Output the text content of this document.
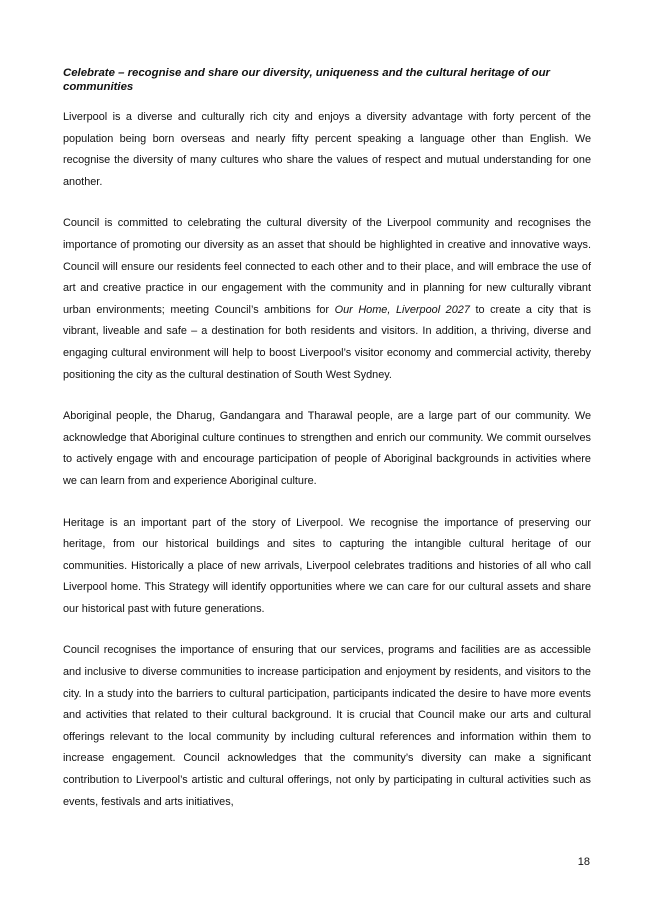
Celebrate – recognise and share our diversity, uniqueness and the cultural heritage of our communities

Liverpool is a diverse and culturally rich city and enjoys a diversity advantage with forty percent of the population being born overseas and nearly fifty percent speaking a language other than English. We recognise the diversity of many cultures who share the values of respect and mutual understanding for one another.

Council is committed to celebrating the cultural diversity of the Liverpool community and recognises the importance of promoting our diversity as an asset that should be highlighted in creative and innovative ways. Council will ensure our residents feel connected to each other and to their place, and will embrace the use of art and creative practice in our engagement with the community and in planning for new culturally vibrant urban environments; meeting Council’s ambitions for Our Home, Liverpool 2027 to create a city that is vibrant, liveable and safe – a destination for both residents and visitors. In addition, a thriving, diverse and engaging cultural environment will help to boost Liverpool’s visitor economy and commercial activity, thereby positioning the city as the cultural destination of South West Sydney.

Aboriginal people, the Dharug, Gandangara and Tharawal people, are a large part of our community. We acknowledge that Aboriginal culture continues to strengthen and enrich our community. We commit ourselves to actively engage with and encourage participation of people of Aboriginal backgrounds in activities where we can learn from and experience Aboriginal culture.

Heritage is an important part of the story of Liverpool. We recognise the importance of preserving our heritage, from our historical buildings and sites to capturing the intangible cultural heritage of our communities. Historically a place of new arrivals, Liverpool celebrates traditions and histories of all who call Liverpool home. This Strategy will identify opportunities where we can care for our cultural assets and share our historical past with future generations.

Council recognises the importance of ensuring that our services, programs and facilities are as accessible and inclusive to diverse communities to increase participation and enjoyment by residents, and visitors to the city. In a study into the barriers to cultural participation, participants indicated the desire to have more events and activities that related to their cultural background. It is crucial that Council make our arts and cultural offerings relevant to the local community by including cultural references and information within them to increase engagement. Council acknowledges that the community’s diversity can make a significant contribution to Liverpool’s artistic and cultural offerings, not only by participating in cultural activities such as events, festivals and arts initiatives,

18
